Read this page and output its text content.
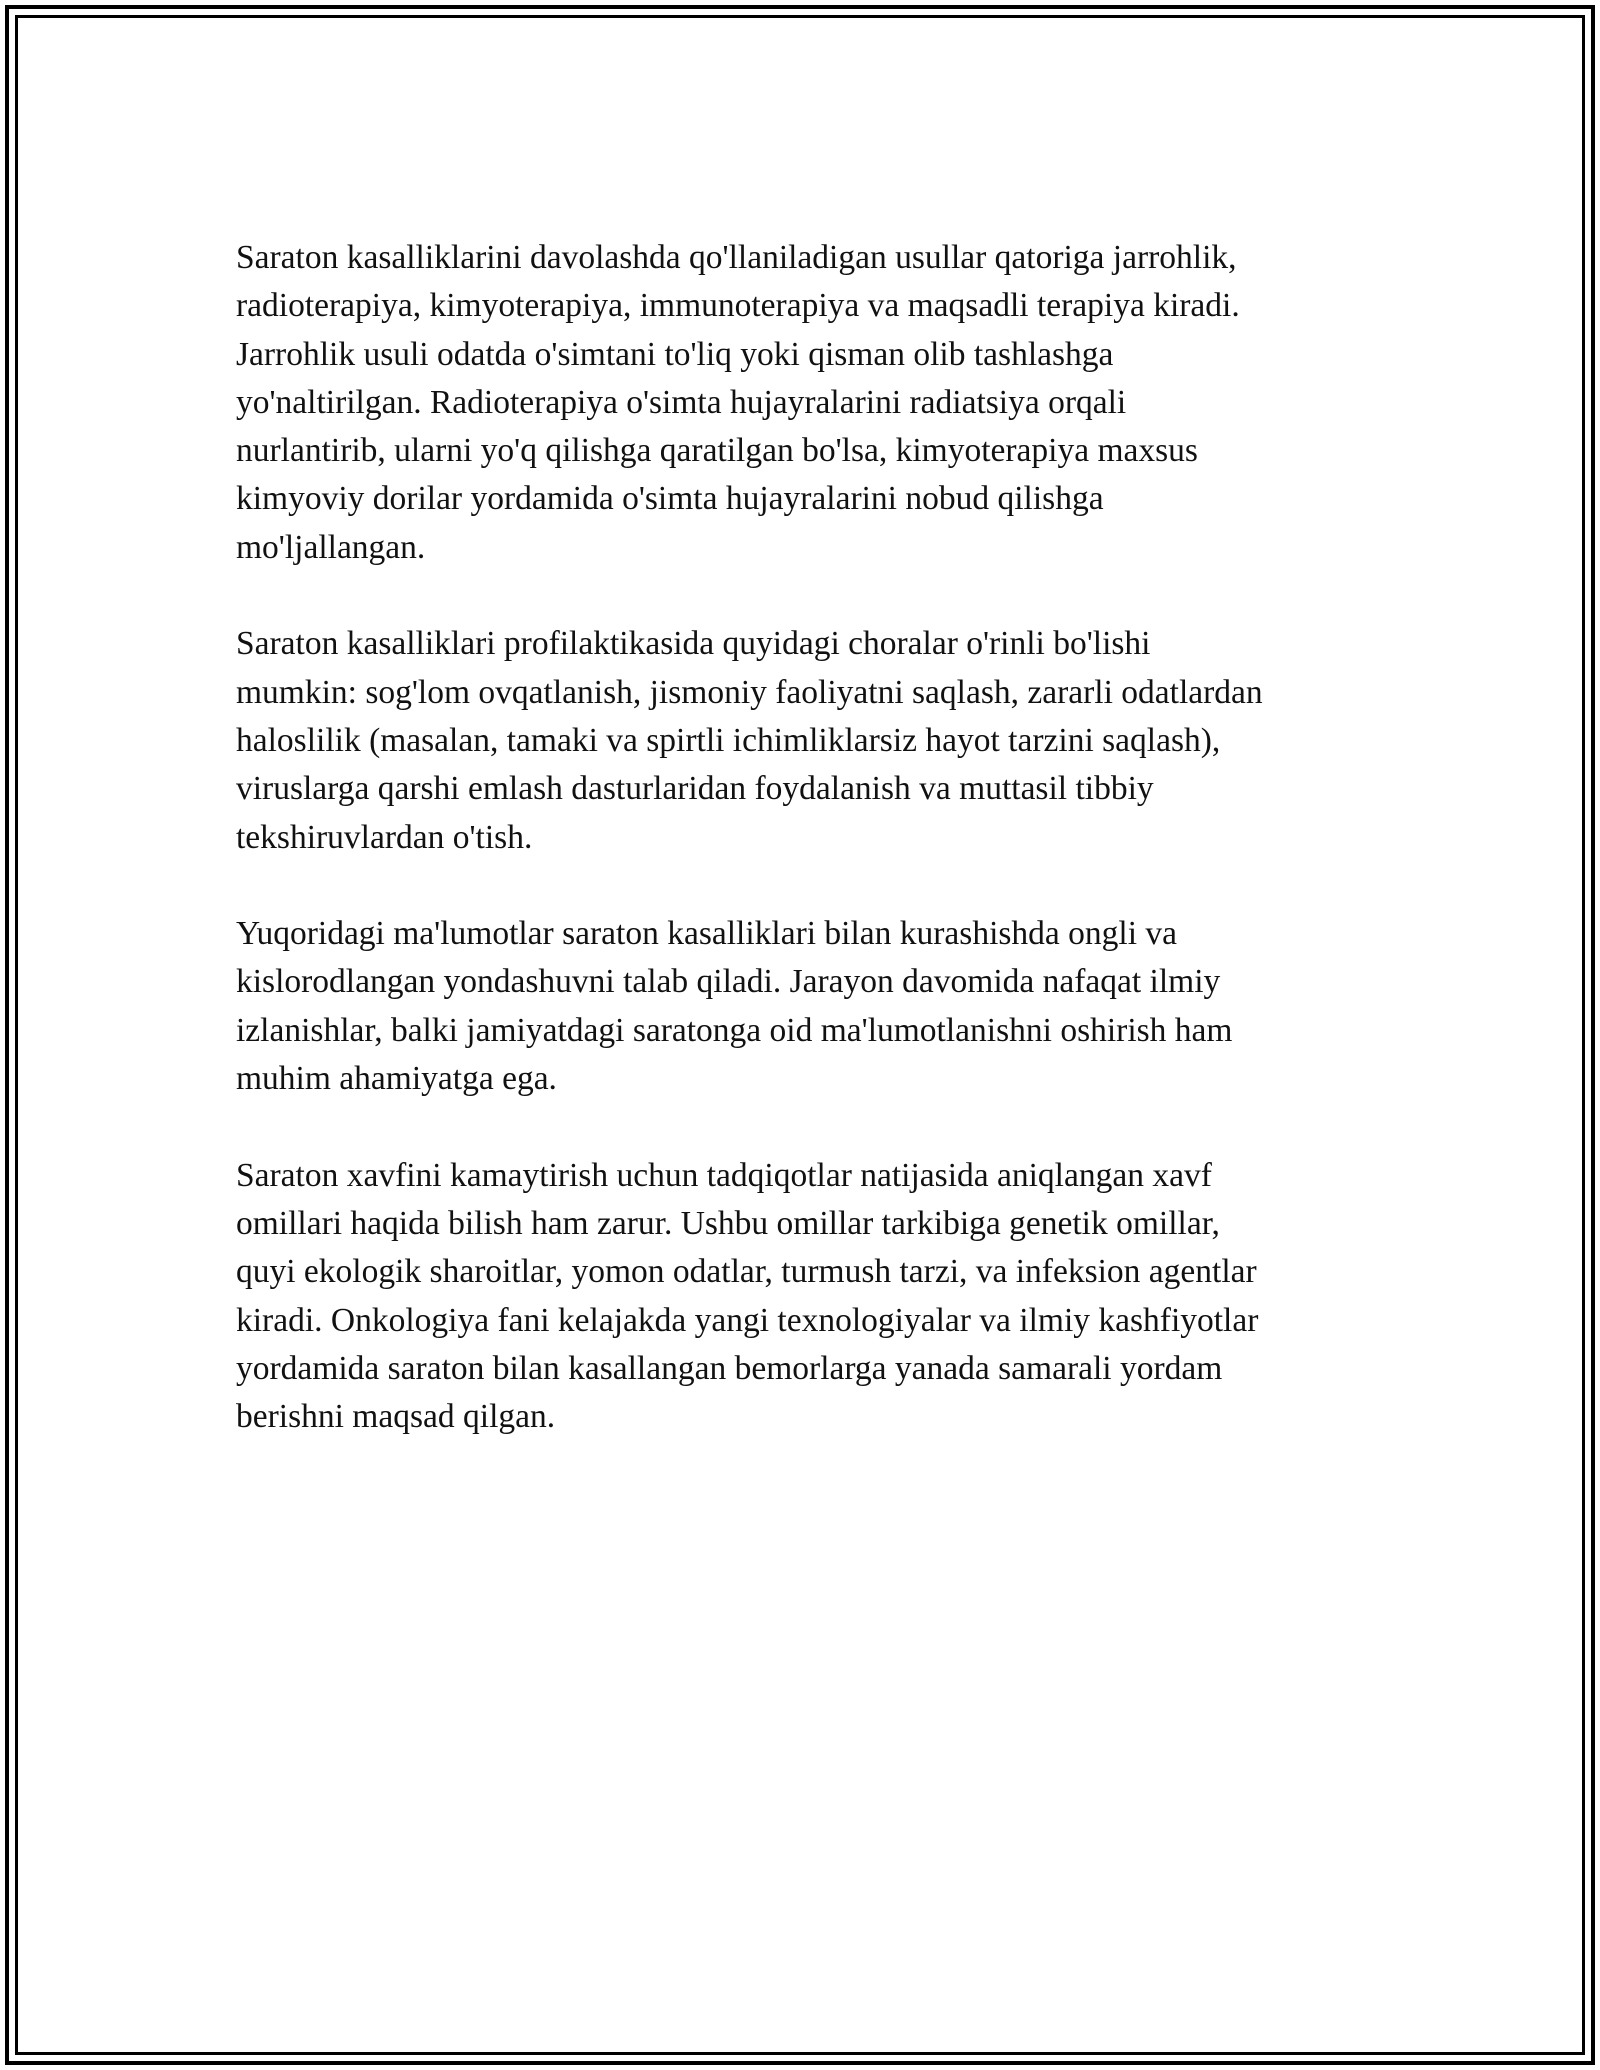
Saraton kasalliklarini davolashda qo'llaniladigan usullar qatoriga jarrohlik,
radioterapiya, kimyoterapiya, immunoterapiya va maqsadli terapiya kiradi.
Jarrohlik usuli odatda o'simtani to'liq yoki qisman olib tashlashga
yo'naltirilgan. Radioterapiya o'simta hujayralarini radiatsiya orqali
nurlantirib, ularni yo'q qilishga qaratilgan bo'lsa, kimyoterapiya maxsus
kimyoviy dorilar yordamida o'simta hujayralarini nobud qilishga
mo'ljallangan.

Saraton kasalliklari profilaktikasida quyidagi choralar o'rinli bo'lishi
mumkin: sog'lom ovqatlanish, jismoniy faoliyatni saqlash, zararli odatlardan
haloslilik (masalan, tamaki va spirtli ichimliklarsiz hayot tarzini saqlash),
viruslarga qarshi emlash dasturlaridan foydalanish va muttasil tibbiy
tekshiruvlardan o'tish.

Yuqoridagi ma'lumotlar saraton kasalliklari bilan kurashishda ongli va
kislorodlangan yondashuvni talab qiladi. Jarayon davomida nafaqat ilmiy
izlanishlar, balki jamiyatdagi saratonga oid ma'lumotlanishni oshirish ham
muhim ahamiyatga ega.

Saraton xavfini kamaytirish uchun tadqiqotlar natijasida aniqlangan xavf
omillari haqida bilish ham zarur. Ushbu omillar tarkibiga genetik omillar,
quyi ekologik sharoitlar, yomon odatlar, turmush tarzi, va infeksion agentlar
kiradi. Onkologiya fani kelajakda yangi texnologiyalar va ilmiy kashfiyotlar
yordamida saraton bilan kasallangan bemorlarga yanada samarali yordam
berishni maqsad qilgan.
